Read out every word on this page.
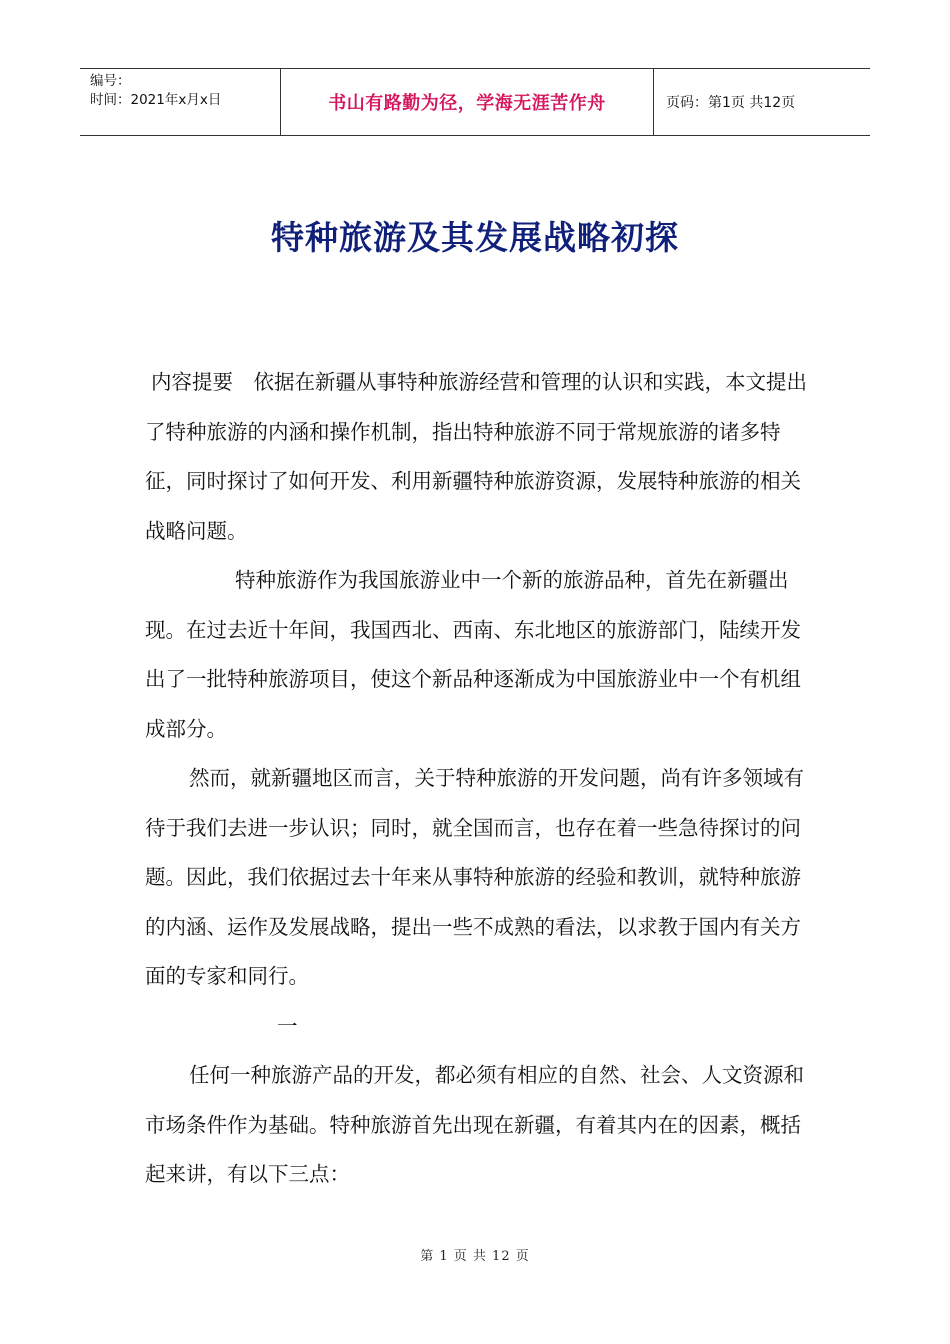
编号：
时间：2021年x月x日	书山有路勤为径，学海无涯苦作舟	页码：第1页 共12页
特种旅游及其发展战略初探

内容提要　依据在新疆从事特种旅游经营和管理的认识和实践，本文提出了特种旅游的内涵和操作机制，指出特种旅游不同于常规旅游的诸多特征，同时探讨了如何开发、利用新疆特种旅游资源，发展特种旅游的相关战略问题。

特种旅游作为我国旅游业中一个新的旅游品种，首先在新疆出现。在过去近十年间，我国西北、西南、东北地区的旅游部门，陆续开发出了一批特种旅游项目，使这个新品种逐渐成为中国旅游业中一个有机组成部分。

然而，就新疆地区而言，关于特种旅游的开发问题，尚有许多领域有待于我们去进一步认识；同时，就全国而言，也存在着一些急待探讨的问题。因此，我们依据过去十年来从事特种旅游的经验和教训，就特种旅游的内涵、运作及发展战略，提出一些不成熟的看法，以求教于国内有关方面的专家和同行。

一

任何一种旅游产品的开发，都必须有相应的自然、社会、人文资源和市场条件作为基础。特种旅游首先出现在新疆，有着其内在的因素，概括起来讲，有以下三点：

第 1 页 共 12 页
